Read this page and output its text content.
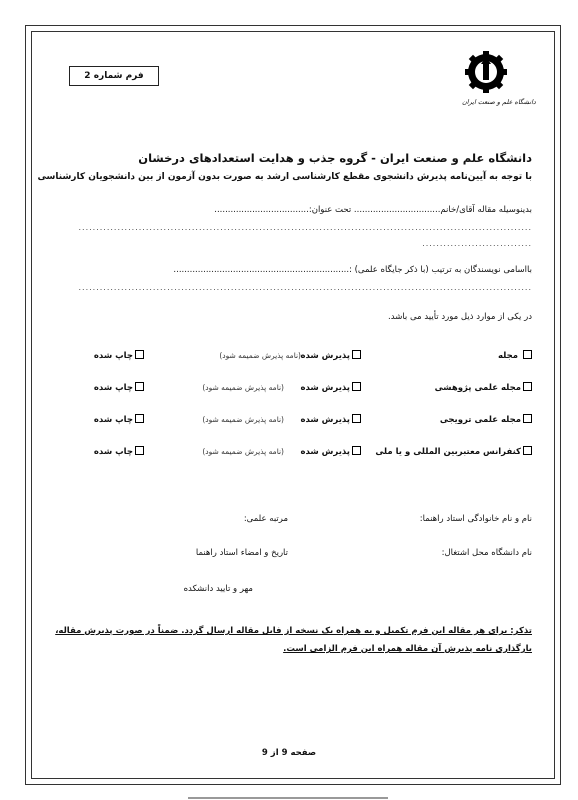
فرم شماره 2
دانشگاه علم و صنعت ایران
دانشگاه علم و صنعت ایران - گروه جذب و هدایت استعدادهای درخشان
با توجه به آیین‌نامه پذیرش دانشجوی مقطع کارشناسی ارشد به صورت بدون آزمون از بین دانشجویان کارشناسی
بدینوسیله مقاله آقای/خانم................................ تحت عنوان:...................................
................................................................................................................................
...............................
بااسامی نویسندگان به ترتیب (با ذکر جایگاه علمی) :.................................................................
................................................................................................................................
در یکی از موارد ذیل مورد تأیید می باشد.
مجله
پذیرش شده
(نامه پذیرش ضمیمه شود)
چاپ شده
مجله علمی پژوهشی
پذیرش شده
(نامه پذیرش ضمیمه شود)
چاپ شده
مجله علمی ترویجی
پذیرش شده
(نامه پذیرش ضمیمه شود)
چاپ شده
کنفرانس معتبربین المللی و یا ملی
پذیرش شده
(نامه پذیرش ضمیمه شود)
چاپ شده
نام و نام خانوادگی استاد راهنما:
مرتبه علمی:
نام دانشگاه محل اشتغال:
تاریخ و امضاء استاد راهنما
مهر و تایید دانشکده
تذکر: برای هر مقاله این فرم تکمیل و به همراه یک نسخه از فایل مقاله ارسال گردد. ضمناً در صورت پذیرش مقاله،
بارگذاری نامه پذیرش آن مقاله همراه این فرم الزامی است.
صفحه 9 از 9
